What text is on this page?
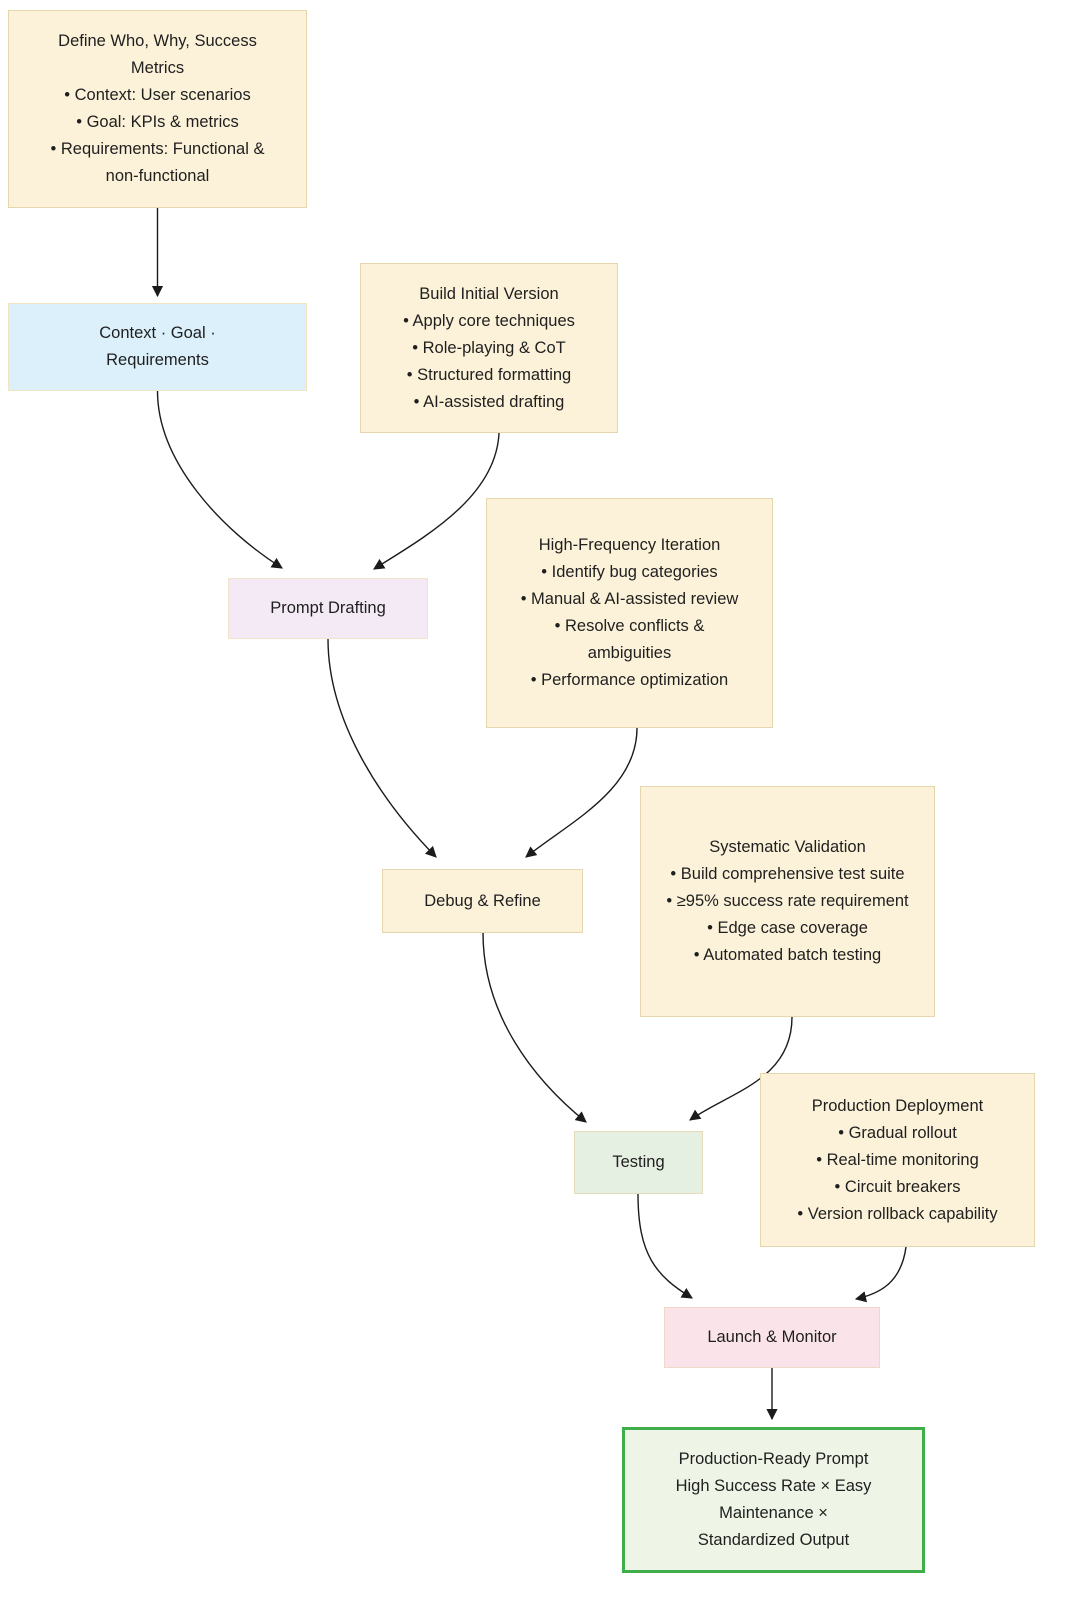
Define Who, Why, Success Metrics
• Context: User scenarios
• Goal: KPIs & metrics
• Requirements: Functional & non-functional
Context · Goal · Requirements
Build Initial Version
• Apply core techniques
• Role-playing & CoT
• Structured formatting
• AI-assisted drafting
Prompt Drafting
High-Frequency Iteration
• Identify bug categories
• Manual & AI-assisted review
• Resolve conflicts & ambiguities
• Performance optimization
Debug & Refine
Systematic Validation
• Build comprehensive test suite
• ≥95% success rate requirement
• Edge case coverage
• Automated batch testing
Testing
Production Deployment
• Gradual rollout
• Real-time monitoring
• Circuit breakers
• Version rollback capability
Launch & Monitor
Production-Ready Prompt
High Success Rate × Easy Maintenance ×
Standardized Output
